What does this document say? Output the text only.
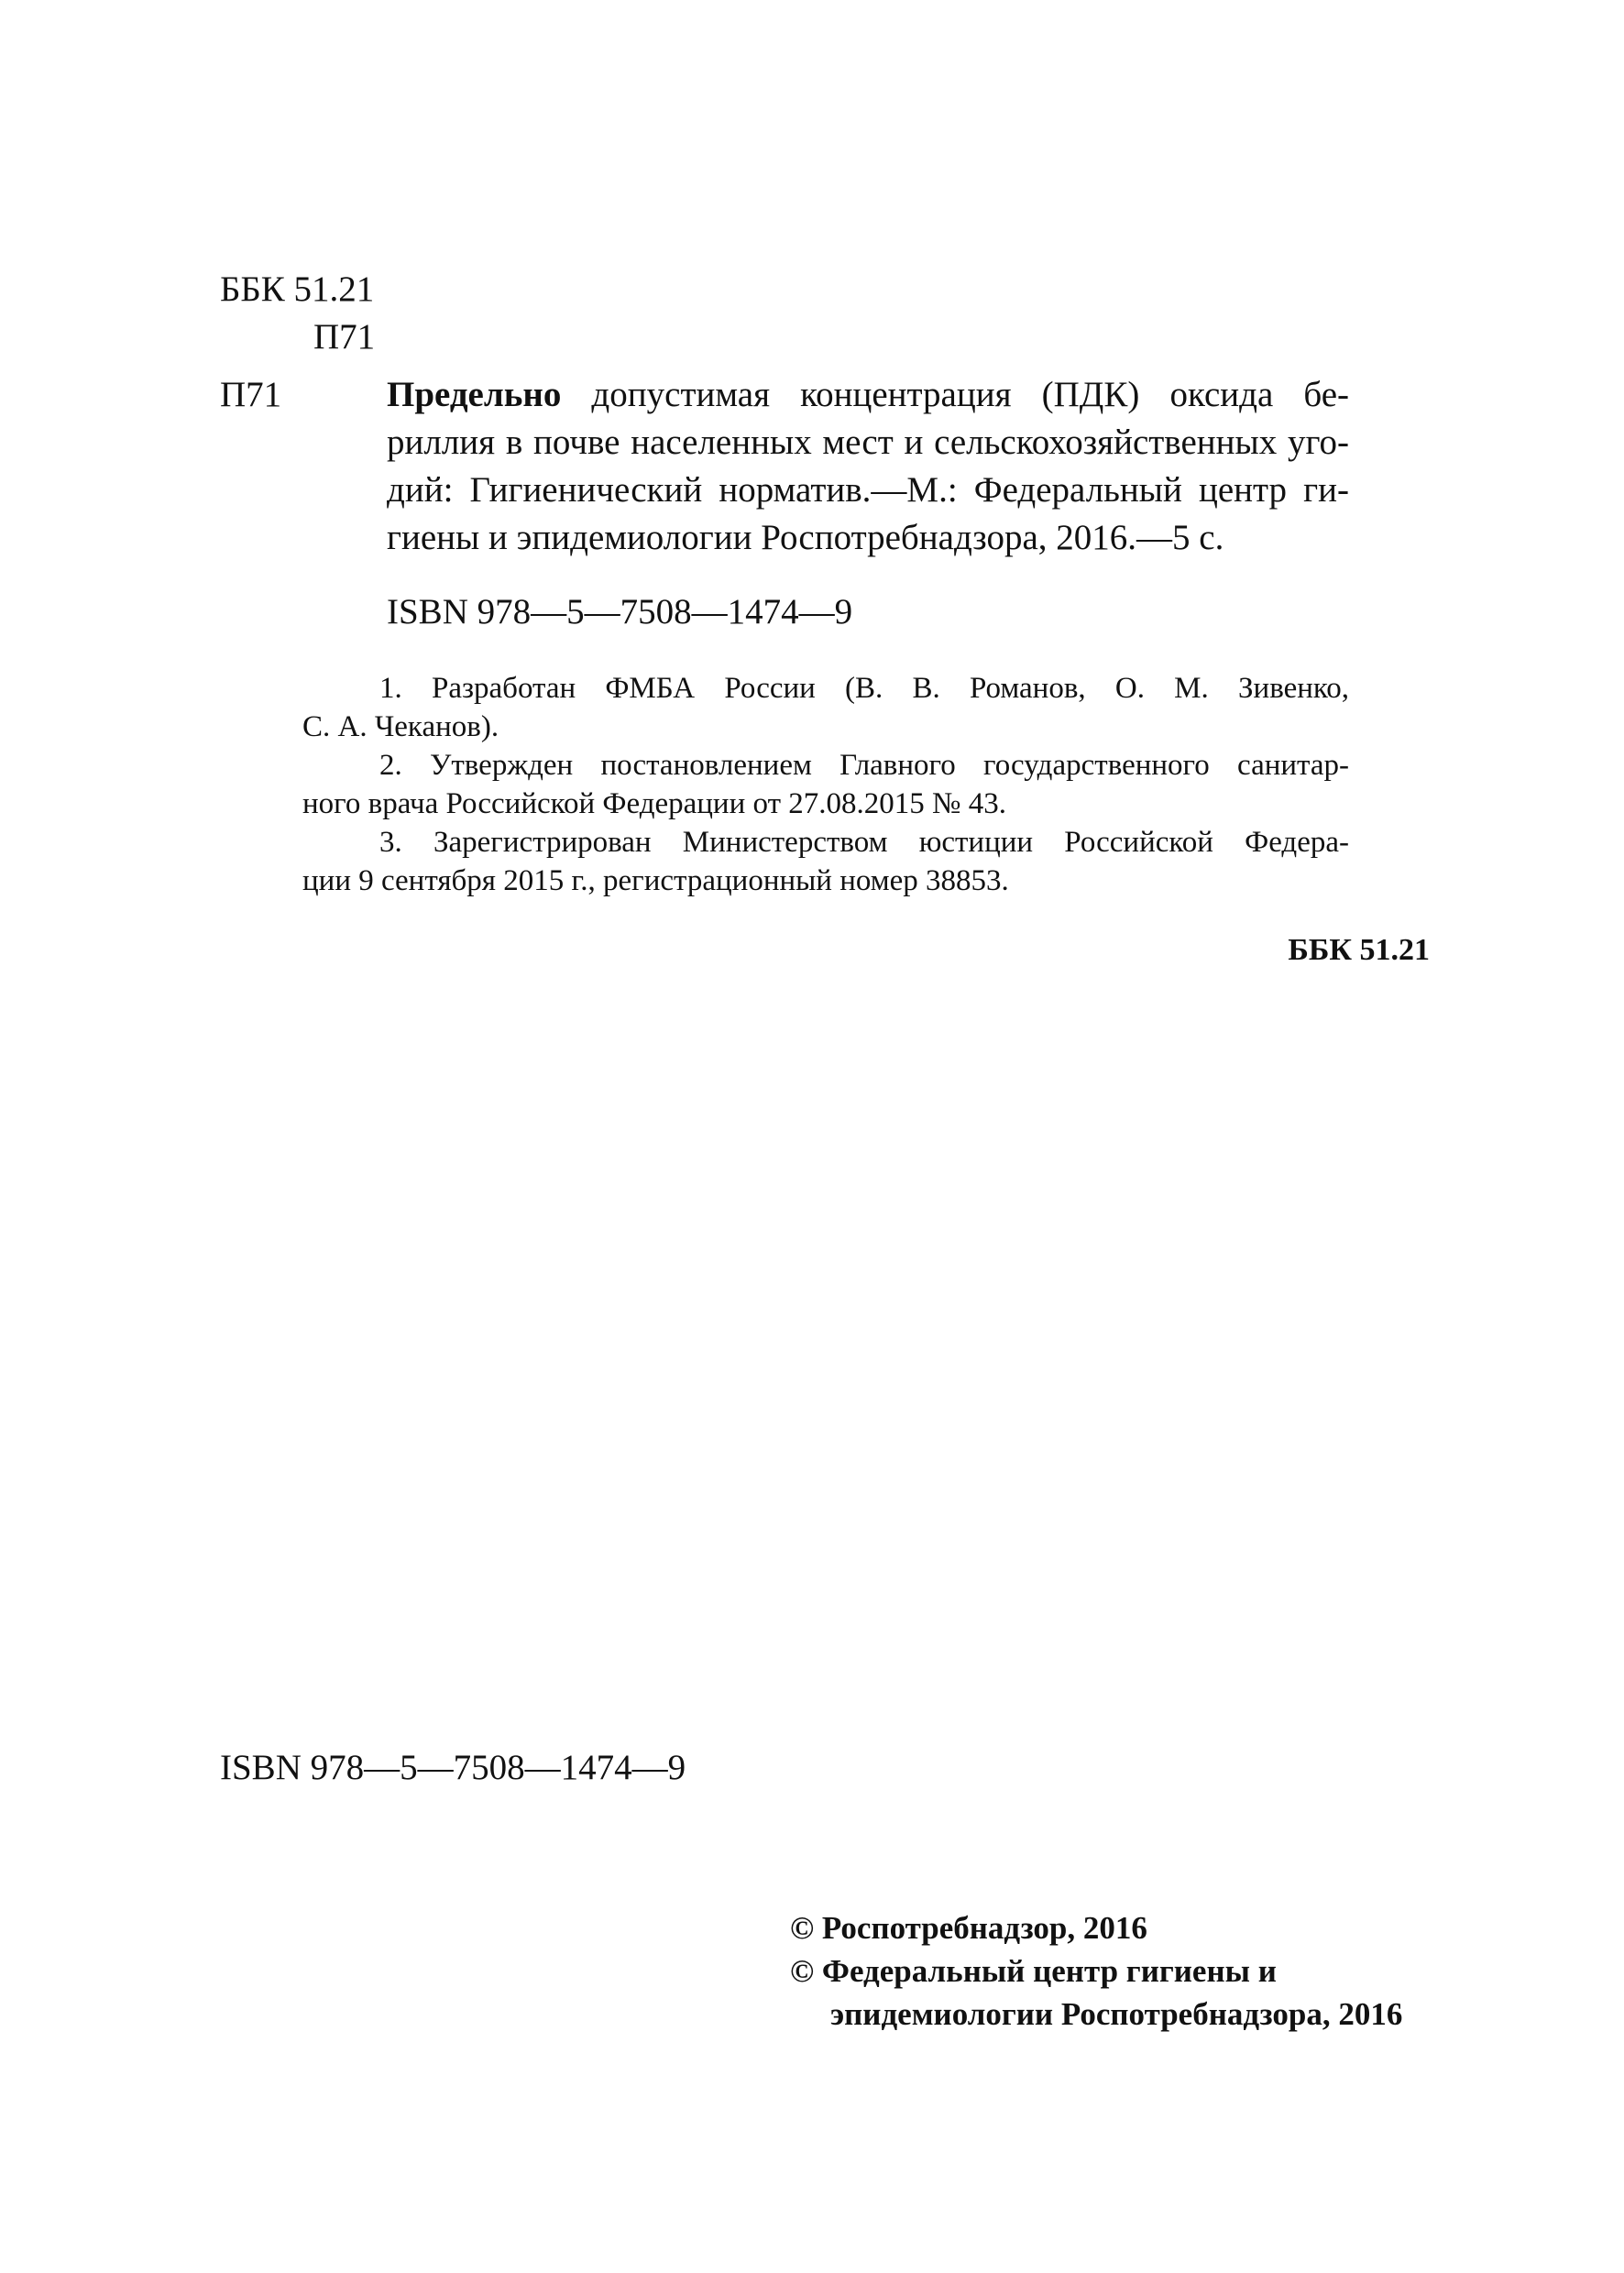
ББК 51.21
П71
П71	Предельно допустимая концентрация (ПДК) оксида бе-
риллия в почве населенных мест и сельскохозяйственных уго-
дий: Гигиенический норматив.—М.: Федеральный центр ги-
гиены и эпидемиологии Роспотребнадзора, 2016.—5 с.
ISBN 978—5—7508—1474—9
1. Разработан ФМБА России (В. В. Романов, О. М. Зивенко,
С. А. Чеканов).
2. Утвержден постановлением Главного государственного санитар-
ного врача Российской Федерации от 27.08.2015 № 43.
3. Зарегистрирован Министерством юстиции Российской Федера-
ции 9 сентября 2015 г., регистрационный номер 38853.
ББК 51.21
ISBN 978—5—7508—1474—9
© Роспотребнадзор, 2016
© Федеральный центр гигиены и
эпидемиологии Роспотребнадзора, 2016
